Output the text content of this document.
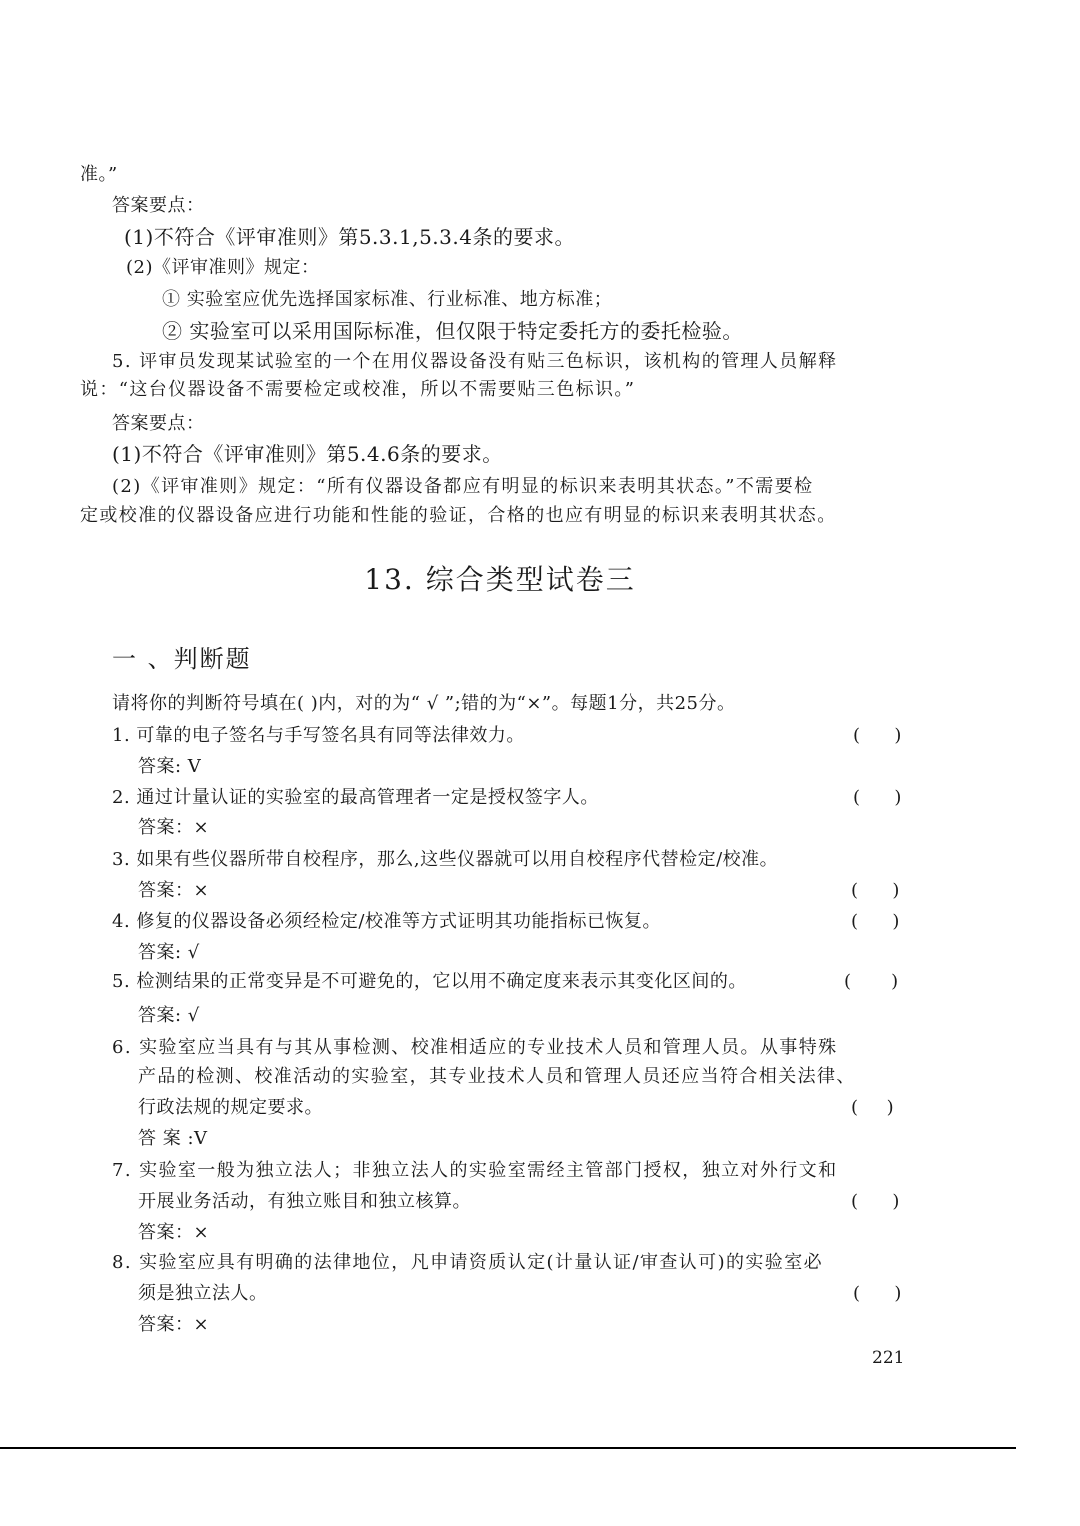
准。”
答案要点：
(1)不符合《评审准则》第5.3.1,5.3.4条的要求。
(2)《评审准则》规定：
① 实验室应优先选择国家标准、行业标准、地方标准；
② 实验室可以采用国际标准，但仅限于特定委托方的委托检验。
5. 评审员发现某试验室的一个在用仪器设备没有贴三色标识，该机构的管理人员解释
说：“这台仪器设备不需要检定或校准，所以不需要贴三色标识。”
答案要点：
(1)不符合《评审准则》第5.4.6条的要求。
(2)《评审准则》规定：“所有仪器设备都应有明显的标识来表明其状态。”不需要检
定或校准的仪器设备应进行功能和性能的验证，合格的也应有明显的标识来表明其状态。
13. 综合类型试卷三
一 、判断题
请将你的判断符号填在( )内，对的为“ √ ”;错的为“×”。每题1分，共25分。
1. 可靠的电子签名与手写签名具有同等法律效力。	(      )
答案: V
2. 通过计量认证的实验室的最高管理者一定是授权签字人。	(      )
答案：×
3. 如果有些仪器所带自校程序，那么,这些仪器就可以用自校程序代替检定/校准。
答案：×	(      )
4. 修复的仪器设备必须经检定/校准等方式证明其功能指标已恢复。	(      )
答案: √
5. 检测结果的正常变异是不可避免的，它以用不确定度来表示其变化区间的。	(       )
答案: √
6. 实验室应当具有与其从事检测、校准相适应的专业技术人员和管理人员。从事特殊
产品的检测、校准活动的实验室，其专业技术人员和管理人员还应当符合相关法律、
行政法规的规定要求。	(     )
答 案 :V
7. 实验室一般为独立法人；非独立法人的实验室需经主管部门授权，独立对外行文和
开展业务活动，有独立账目和独立核算。	(      )
答案：×
8. 实验室应具有明确的法律地位，凡申请资质认定(计量认证/审查认可)的实验室必
须是独立法人。	(      )
答案：×
221
